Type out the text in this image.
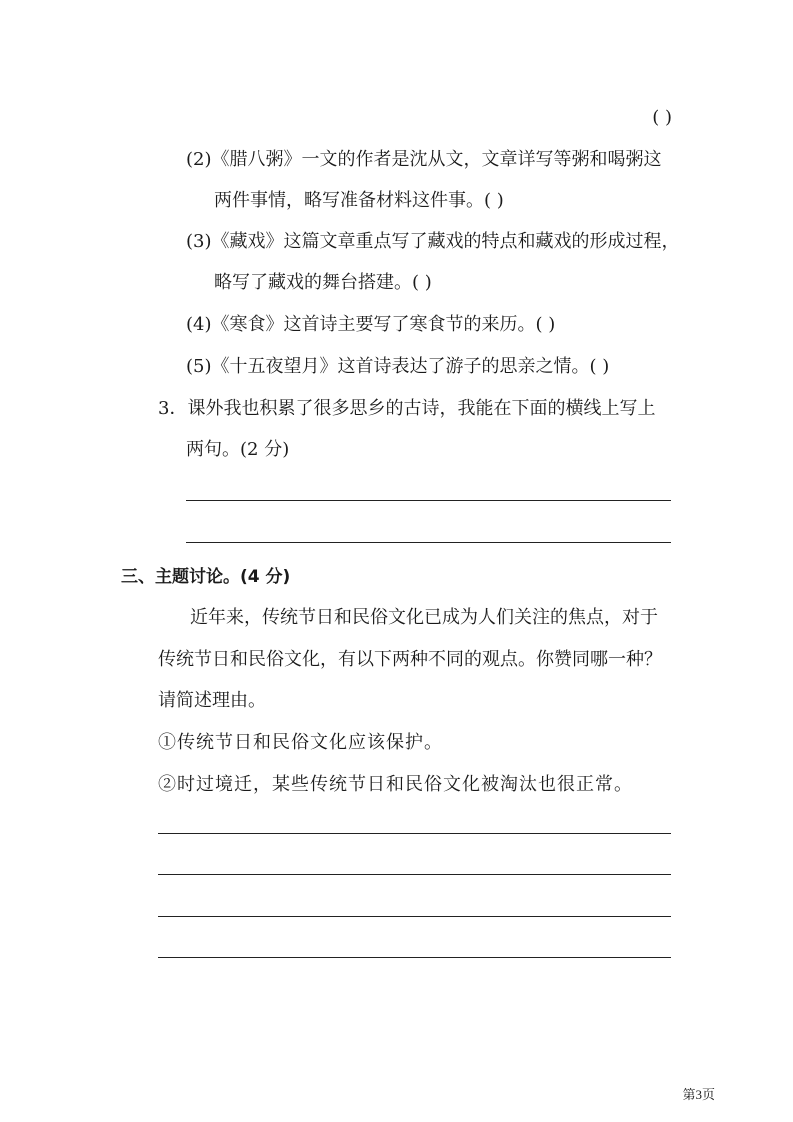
( )
(2)《腊八粥》一文的作者是沈从文，文章详写等粥和喝粥这
两件事情，略写准备材料这件事。( )
(3)《藏戏》这篇文章重点写了藏戏的特点和藏戏的形成过程，
略写了藏戏的舞台搭建。( )
(4)《寒食》这首诗主要写了寒食节的来历。( )
(5)《十五夜望月》这首诗表达了游子的思亲之情。( )
3．课外我也积累了很多思乡的古诗，我能在下面的横线上写上
两句。(2 分)
三、主题讨论。(4 分)
近年来，传统节日和民俗文化已成为人们关注的焦点，对于
传统节日和民俗文化，有以下两种不同的观点。你赞同哪一种？
请简述理由。
①传统节日和民俗文化应该保护。
②时过境迁，某些传统节日和民俗文化被淘汰也很正常。
第3页
